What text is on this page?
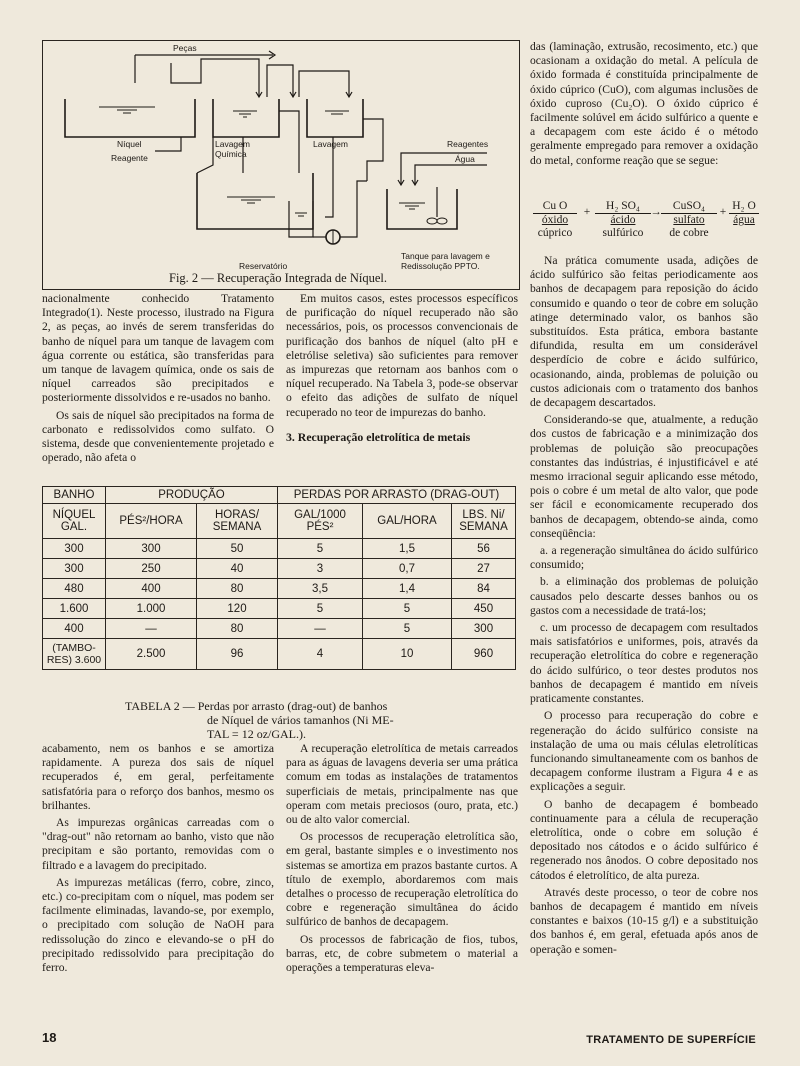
Peças
Níquel
Reagente
Lavagem
Química
Lavagem	Reagentes
Água
Reservatório
Tanque para lavagem e
Redissolução PPTO.
Fig. 2 — Recuperação Integrada de Níquel.

nacionalmente conhecido Tratamento Integrado(1). Neste processo, ilustrado na Figura 2, as peças, ao invés de serem transferidas do banho de níquel para um tanque de lavagem com água corrente ou estática, são transferidas para um tanque de lavagem química, onde os sais de níquel carreados são precipitados e posteriormente dissolvidos e re-usados no banho.

Os sais de níquel são precipitados na forma de carbonato e redissolvidos como sulfato. O sistema, desde que convenientemente projetado e operado, não afeta o

Em muitos casos, estes processos específicos de purificação do níquel recuperado não são necessários, pois, os processos convencionais de purificação dos banhos de níquel (alto pH e eletrólise seletiva) são suficientes para remover as impurezas que retornam aos banhos com o níquel recuperado. Na Tabela 3, pode-se observar o efeito das adições de sulfato de níquel recuperado no teor de impurezas do banho.

3. Recuperação eletrolítica de metais

BANHO	PRODUÇÃO		PERDAS POR ARRASTO (DRAG-OUT)		
NÍQUEL GAL.	PÉS²/HORA	HORAS/ SEMANA	GAL/1000 PÉS²	GAL/HORA	LBS. Ni/ SEMANA
300	300	50	5	1,5	56
300	250	40	3	0,7	27
480	400	80	3,5	1,4	84
1.600	1.000	120	5	5	450
400	—	80	—	5	300
(TAMBO-RES) 3.600	2.500	96	4	10	960
TABELA 2 — Perdas por arrasto (drag-out) de banhos
de Níquel de vários tamanhos (Ni ME-
TAL = 12 oz/GAL.).

acabamento, nem os banhos e se amortiza rapidamente. A pureza dos sais de níquel recuperados é, em geral, perfeitamente satisfatória para o reforço dos banhos, mesmo os brilhantes.

As impurezas orgânicas carreadas com o "drag-out" não retornam ao banho, visto que não precipitam e são portanto, removidas com o filtrado e a lavagem do precipitado.

As impurezas metálicas (ferro, cobre, zinco, etc.) co-precipitam com o níquel, mas podem ser facilmente eliminadas, lavando-se, por exemplo, o precipitado com solução de NaOH para redissolução do zinco e elevando-se o pH do precipitado redissolvido para precipitação do ferro.

A recuperação eletrolítica de metais carreados para as águas de lavagens deveria ser uma prática comum em todas as instalações de tratamentos superficiais de metais, principalmente nas que operam com metais preciosos (ouro, prata, etc.) ou de alto valor comercial.

Os processos de recuperação eletrolítica são, em geral, bastante simples e o investimento nos sistemas se amortiza em prazos bastante curtos. A título de exemplo, abordaremos com mais detalhes o processo de recuperação eletrolítica do cobre e regeneração simultânea do ácido sulfúrico de banhos de decapagem.

Os processos de fabricação de fios, tubos, barras, etc, de cobre submetem o material a operações a temperaturas eleva-

das (laminação, extrusão, recosimento, etc.) que ocasionam a oxidação do metal. A película de óxido formada é constituída principalmente de óxido cúprico (CuO), com algumas inclusões de óxido cuproso (Cu₂O). O óxido cúprico é facilmente solúvel em ácido sulfúrico a quente e a decapagem com este ácido é o método geralmente empregado para remover a oxidação do metal, conforme reação que se segue:

Cu O
óxido
cúprico
+	H₂ SO₄
ácido
sulfúrico
→ CuSO₄
sulfato
de cobre
+ H₂ O
água

Na prática comumente usada, adições de ácido sulfúrico são feitas periodicamente aos banhos de decapagem para reposição do ácido consumido e quando o teor de cobre em solução atinge determinado valor, os banhos são substituídos. Esta prática, embora bastante difundida, resulta em um considerável desperdício de cobre e ácido sulfúrico, ocasionando, ainda, problemas de poluição ou custos adicionais com o tratamento dos banhos de decapagem descartados.

Considerando-se que, atualmente, a redução dos custos de fabricação e a minimização dos problemas de poluição são preocupações constantes das indústrias, é injustificável e até mesmo irracional seguir aplicando esse método, pois o cobre é um metal de alto valor, que pode ser fácil e economicamente recuperado dos banhos de decapagem, obtendo-se ainda, como conseqüência:

a. a regeneração simultânea do ácido sulfúrico consumido;

b. a eliminação dos problemas de poluição causados pelo descarte desses banhos ou os gastos com a necessidade de tratá-los;

c. um processo de decapagem com resultados mais satisfatórios e uniformes, pois, através da recuperação eletrolítica do cobre e regeneração do ácido sulfúrico, o teor destes produtos nos banhos de decapagem é mantido em níveis praticamente constantes.

O processo para recuperação do cobre e regeneração do ácido sulfúrico consiste na instalação de uma ou mais células eletrolíticas funcionando simultaneamente com os banhos de decapagem conforme ilustram a Figura 4 e as explicações a seguir.

O banho de decapagem é bombeado continuamente para a célula de recuperação eletrolítica, onde o cobre em solução é depositado nos cátodos e o ácido sulfúrico é regenerado nos ânodos. O cobre depositado nos cátodos é eletrolítico, de alta pureza.

Através deste processo, o teor de cobre nos banhos de decapagem é mantido em níveis constantes e baixos (10-15 g/l) e a substituição dos banhos é, em geral, efetuada após anos de operação e somen-

18	TRATAMENTO DE SUPERFÍCIE
